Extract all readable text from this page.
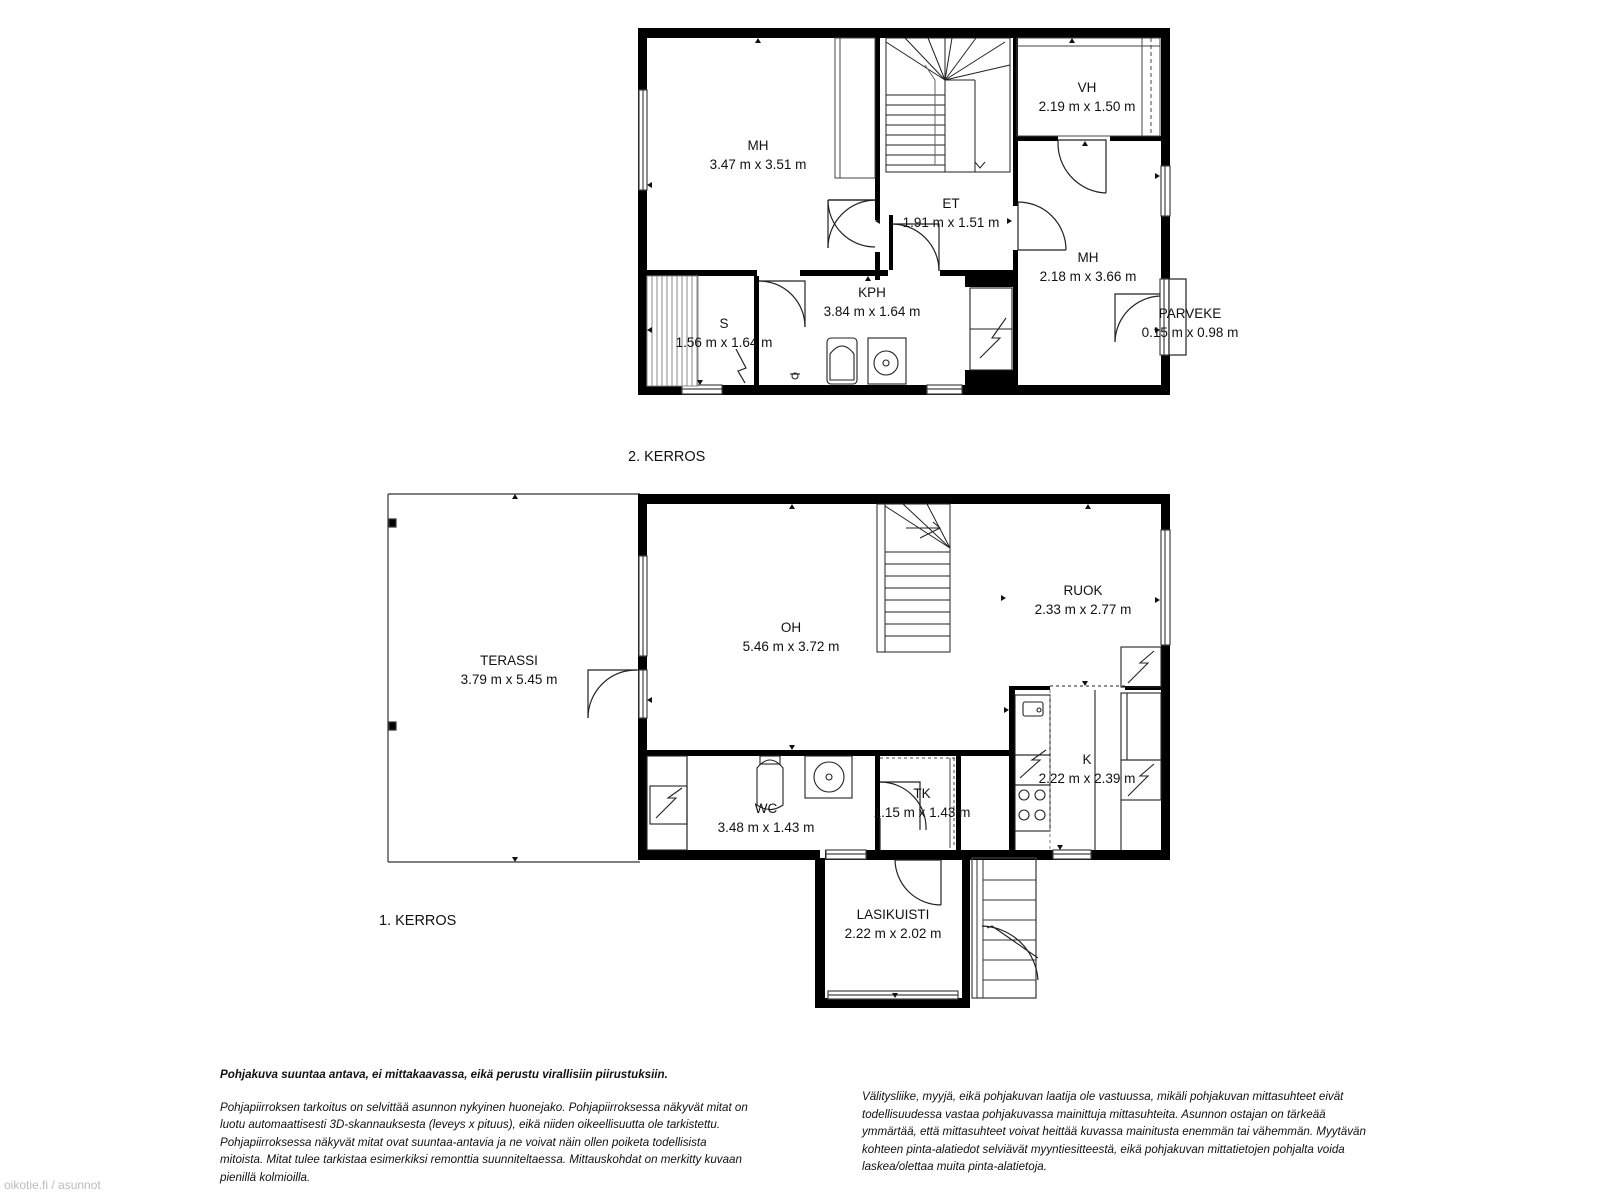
MH
3.47 m x 3.51 m
ET
1.91 m x 1.51 m
VH
2.19 m x 1.50 m
MH
2.18 m x 3.66 m
PARVEKE
0.15 m x 0.98 m
KPH
3.84 m x 1.64 m
S
1.56 m x 1.64 m
TERASSI
3.79 m x 5.45 m
OH
5.46 m x 3.72 m
RUOK
2.33 m x 2.77 m
K
2.22 m x 2.39 m
WC
3.48 m x 1.43 m
TK
1.15 m x 1.43 m
LASIKUISTI
2.22 m x 2.02 m
2. KERROS
1. KERROS

Pohjakuva suuntaa antava, ei mittakaavassa, eikä perustu virallisiin piirustuksiin.

Pohjapiirroksen tarkoitus on selvittää asunnon nykyinen huonejako. Pohjapiirroksessa näkyvät mitat on luotu automaattisesti 3D-skannauksesta (leveys x pituus), eikä niiden oikeellisuutta ole tarkistettu. Pohjapiirroksessa näkyvät mitat ovat suuntaa-antavia ja ne voivat näin ollen poiketa todellisista mitoista. Mitat tulee tarkistaa esimerkiksi remonttia suunniteltaessa. Mittauskohdat on merkitty kuvaan pienillä kolmioilla.

Välitysliike, myyjä, eikä pohjakuvan laatija ole vastuussa, mikäli pohjakuvan mittasuhteet eivät todellisuudessa vastaa pohjakuvassa mainittuja mittasuhteita. Asunnon ostajan on tärkeää ymmärtää, että mittasuhteet voivat heittää kuvassa mainitusta enemmän tai vähemmän. Myytävän kohteen pinta-alatiedot selviävät myyntiesitteestä, eikä pohjakuvan mittatietojen pohjalta voida laskea/olettaa muita pinta-alatietoja.

oikotie.fi / asunnot
